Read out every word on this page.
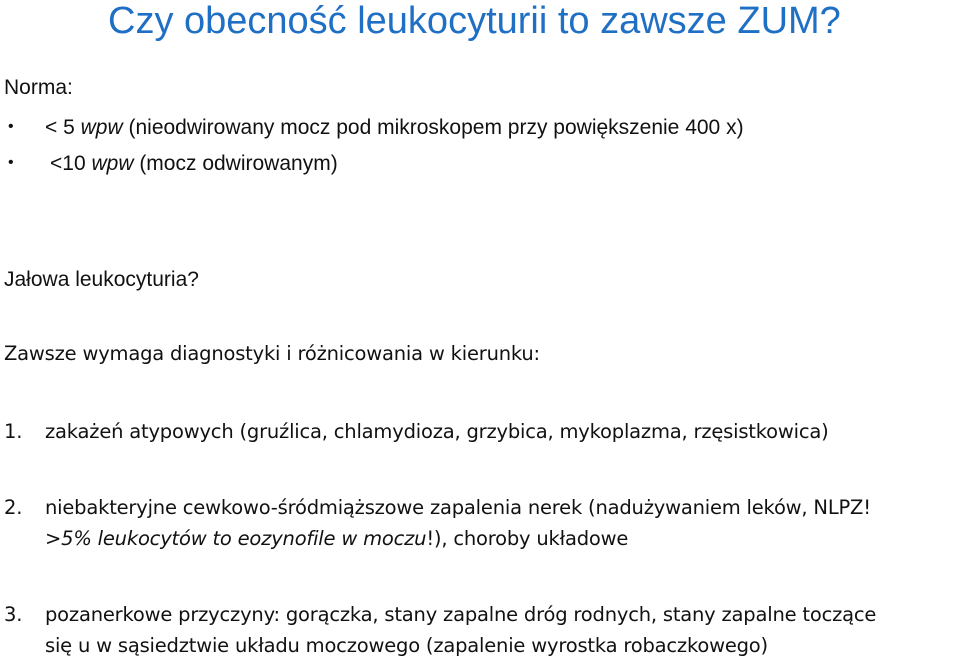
Czy obecność leukocyturii to zawsze ZUM?
Norma:
• < 5 wpw (nieodwirowany mocz pod mikroskopem przy powiększenie 400 x)
• <10 wpw (mocz odwirowanym)
Jałowa leukocyturia?
Zawsze wymaga diagnostyki i różnicowania w kierunku:
1. zakażeń atypowych (gruźlica, chlamydioza, grzybica, mykoplazma, rzęsistkowica)
2. niebakteryjne cewkowo-śródmiąższowe zapalenia nerek (nadużywaniem leków, NLPZ!
>5% leukocytów to eozynofile w moczu!), choroby układowe
3. pozanerkowe przyczyny: gorączka, stany zapalne dróg rodnych, stany zapalne toczące
się u w sąsiedztwie układu moczowego (zapalenie wyrostka robaczkowego)
